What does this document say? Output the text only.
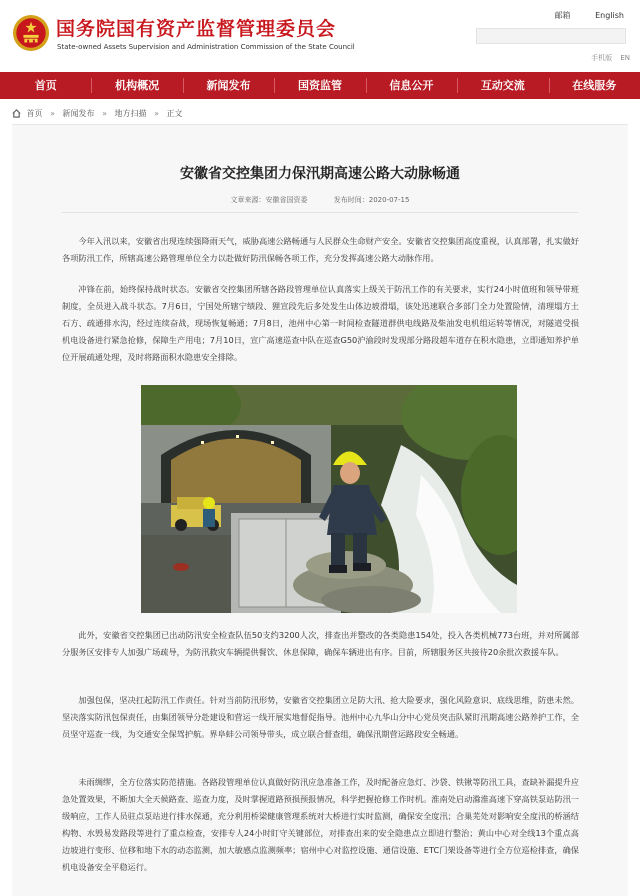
国务院国有资产监督管理委员会
State-owned Assets Supervision and Administration Commission of the State Council
邮箱	English
手机版 EN
首页	机构概况	新闻发布	国资监管	信息公开	互动交流	在线服务
首页 » 新闻发布 » 地方扫描 » 正文
安徽省交控集团力保汛期高速公路大动脉畅通
文章来源：安徽省国资委	发布时间：2020-07-15

今年入汛以来，安徽省出现连续强降雨天气，威胁高速公路畅通与人民群众生命财产安全。安徽省交控集团高度重视，认真部署，扎实做好各项防汛工作，所辖高速公路管理单位全力以赴做好防汛保畅各项工作，充分发挥高速公路大动脉作用。

冲锋在前，始终保持战时状态。安徽省交控集团所辖各路段管理单位认真落实上级关于防汛工作的有关要求，实行24小时值班和领导带班制度，全员进入战斗状态。7月6日，宁国处所辖宁绩段、狸宣段先后多处发生山体边坡滑塌，该处迅速联合多部门全力处置险情，清理塌方土石方、疏通排水沟，经过连续奋战，现场恢复畅通；7月8日，池州中心第一时间检查隧道群供电线路及柴油发电机组运转等情况，对隧道受损机电设备进行紧急抢修，保障生产用电；7月10日，宣广高速巡查中队在巡查G50沪渝段时发现部分路段超车道存在积水隐患，立即通知养护单位开展疏通处理，及时将路面积水隐患安全排除。

此外，安徽省交控集团已出动防汛安全检查队伍50支约3200人次，排查出并整改的各类隐患154处，投入各类机械773台班，并对所属部分服务区安排专人加强广场疏导，为防汛救灾车辆提供餐饮、休息保障，确保车辆进出有序。目前，所辖服务区共接待20余批次救援车队。

加强包保，坚决扛起防汛工作责任。针对当前防汛形势，安徽省交控集团立足防大汛、抢大险要求，强化风险意识、底线思维，防患未然。坚决落实防汛包保责任，由集团领导分赴建设和营运一线开展实地督促指导。池州中心九华山分中心党员突击队紧盯汛期高速公路养护工作，全员坚守巡查一线，为交通安全保驾护航。界阜蚌公司领导带头，成立联合督查组，确保汛期营运路段安全畅通。

未雨绸缪，全方位落实防范措施。各路段管理单位认真做好防汛应急准备工作，及时配备应急灯、沙袋、铁锹等防汛工具，查缺补漏提升应急处置效果，不断加大全天候路查、巡查力度，及时掌握道路预损预报情况，科学把握抢修工作时机。淮南处启动滁淮高速下穿高铁泵站防汛一级响应，工作人员驻点泵站进行排水保通，充分利用桥梁健康管理系统对大桥进行实时监测，确保安全度汛；合巢芜处对影响安全度汛的桥涵结构物、水毁易发路段等进行了重点检查，安排专人24小时盯守关键部位，对排查出来的安全隐患点立即进行整治；黄山中心对全线13个重点高边坡进行变形、位移和地下水的动态监测，加大敏感点监测频率；宿州中心对监控设施、通信设施、ETC门架设备等进行全方位巡检排查，确保机电设备安全平稳运行。
